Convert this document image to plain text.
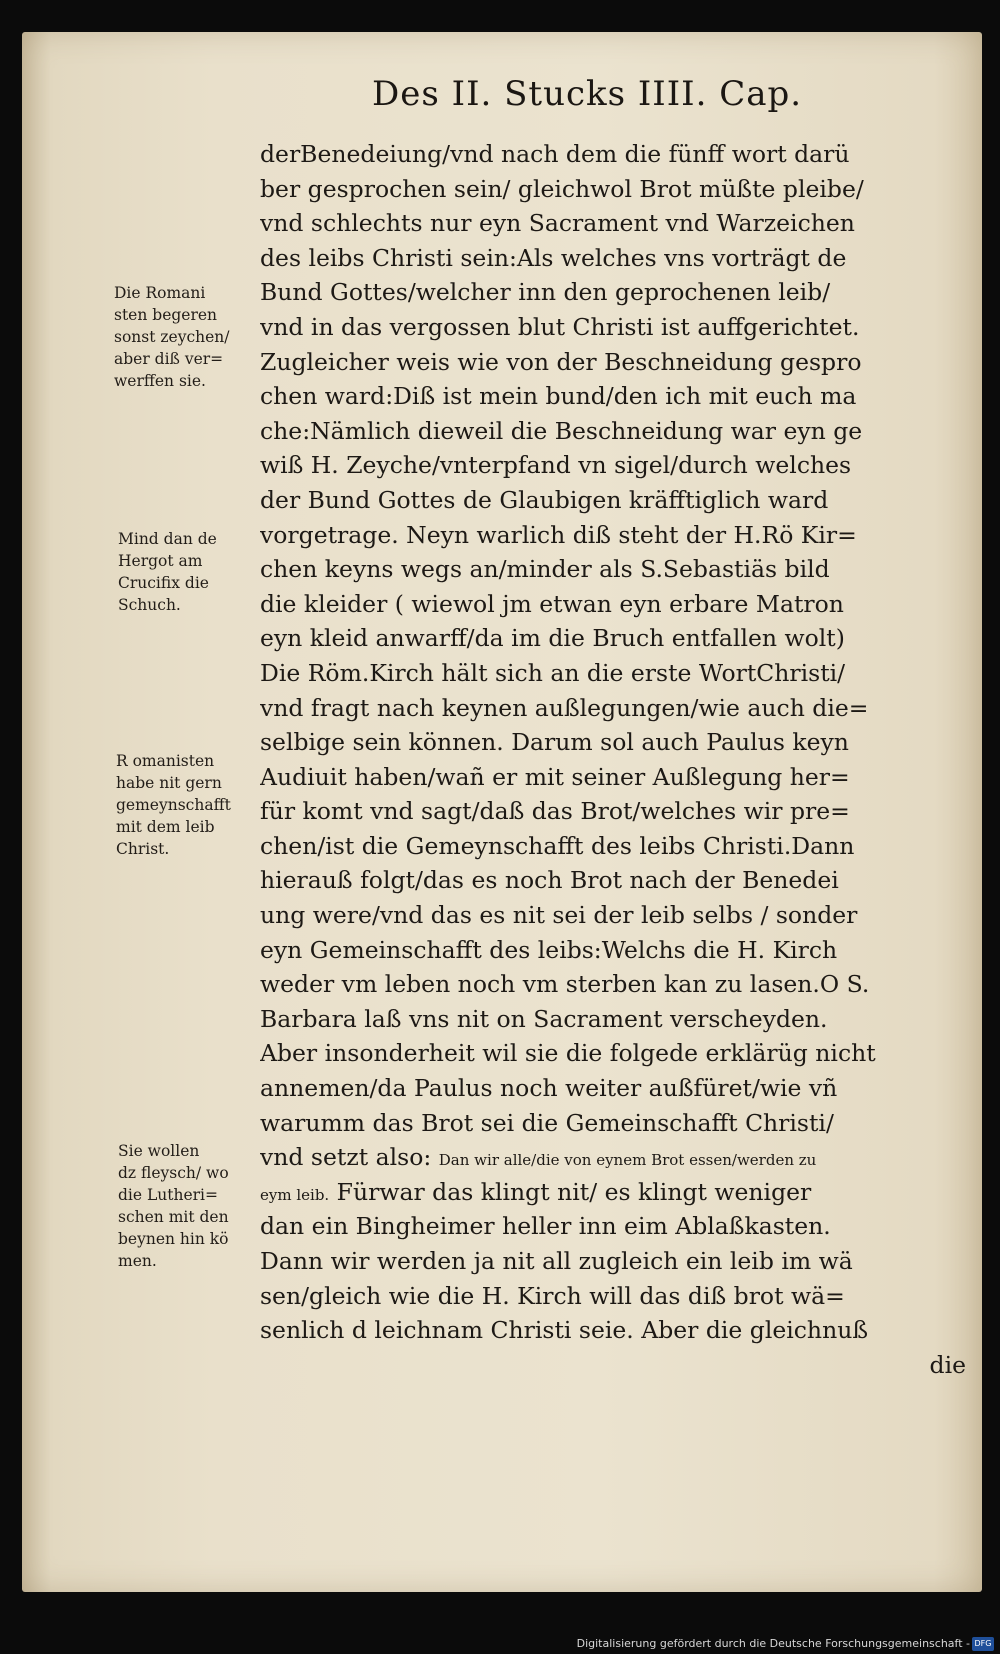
Des II. Stucks IIII. Cap.
derBenedeiung/vnd nach dem die fünff wort darü
ber gesprochen sein/ gleichwol Brot müßte pleibe/
vnd schlechts nur eyn Sacrament vnd Warzeichen
des leibs Christi sein:Als welches vns vorträgt de
Bund Gottes/welcher inn den geprochenen leib/
vnd in das vergossen blut Christi ist auffgerichtet.
Zugleicher weis wie von der Beschneidung gespro
chen ward:Diß ist mein bund/den ich mit euch ma
che:Nämlich dieweil die Beschneidung war eyn ge
wiß H. Zeyche/vnterpfand vn sigel/durch welches
der Bund Gottes de Glaubigen kräfftiglich ward
vorgetrage. Neyn warlich diß steht der H.Rö Kir=
chen keyns wegs an/minder als S.Sebastiäs bild
die kleider ( wiewol jm etwan eyn erbare Matron
eyn kleid anwarff/da im die Bruch entfallen wolt)
Die Röm.Kirch hält sich an die erste WortChristi/
vnd fragt nach keynen außlegungen/wie auch die=
selbige sein können. Darum sol auch Paulus keyn
Audiuit haben/wañ er mit seiner Außlegung her=
für komt vnd sagt/daß das Brot/welches wir pre=
chen/ist die Gemeynschafft des leibs Christi.Dann
hierauß folgt/das es noch Brot nach der Benedei
ung were/vnd das es nit sei der leib selbs / sonder
eyn Gemeinschafft des leibs:Welchs die H. Kirch
weder vm leben noch vm sterben kan zu lasen.O S.
Barbara laß vns nit on Sacrament verscheyden.
Aber insonderheit wil sie die folgede erklärüg nicht
annemen/da Paulus noch weiter außfüret/wie vñ
warumm das Brot sei die Gemeinschafft Christi/
vnd setzt also: Dan wir alle/die von eynem Brot essen/werden zu
eym leib. Fürwar das klingt nit/ es klingt weniger
dan ein Bingheimer heller inn eim Ablaßkasten.
Dann wir werden ja nit all zugleich ein leib im wä
sen/gleich wie die H. Kirch will das diß brot wä=
senlich d leichnam Christi seie. Aber die gleichnuß
die
Die Romani
sten begeren
sonst zeychen/
aber diß ver=
werffen sie.
Mind dan de
Hergot am
Crucifix die
Schuch.
R omanisten
habe nit gern
gemeynschafft
mit dem leib
Christ.
Sie wollen
dz fleysch/ wo
die Lutheri=
schen mit den
beynen hin kö
men.
Digitalisierung gefördert durch die Deutsche Forschungsgemeinschaft - DFG
